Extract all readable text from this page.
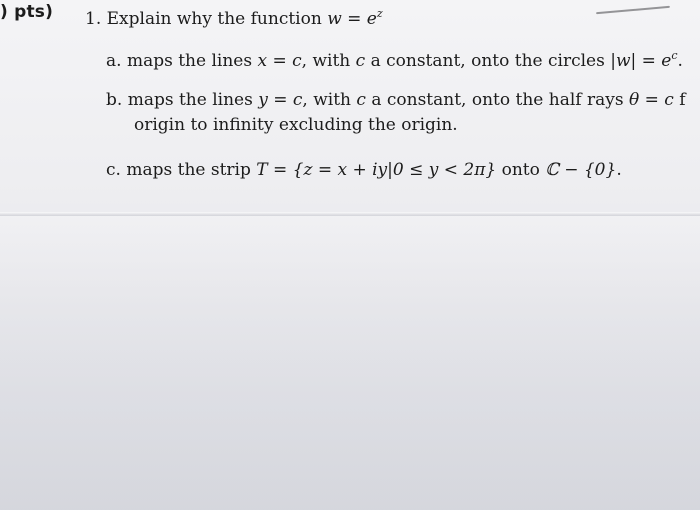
) pts) 1. Explain why the function $w = e^z$
a. maps the lines x = c, with c a constant, onto the circles $|w| = e^c$.
b. maps the lines y = c, with c a constant, onto the half rays θ = c f
origin to infinity excluding the origin.
c. maps the strip T = {z = x + iy|0 ≤ y < 2π} onto ℂ − {0}.
